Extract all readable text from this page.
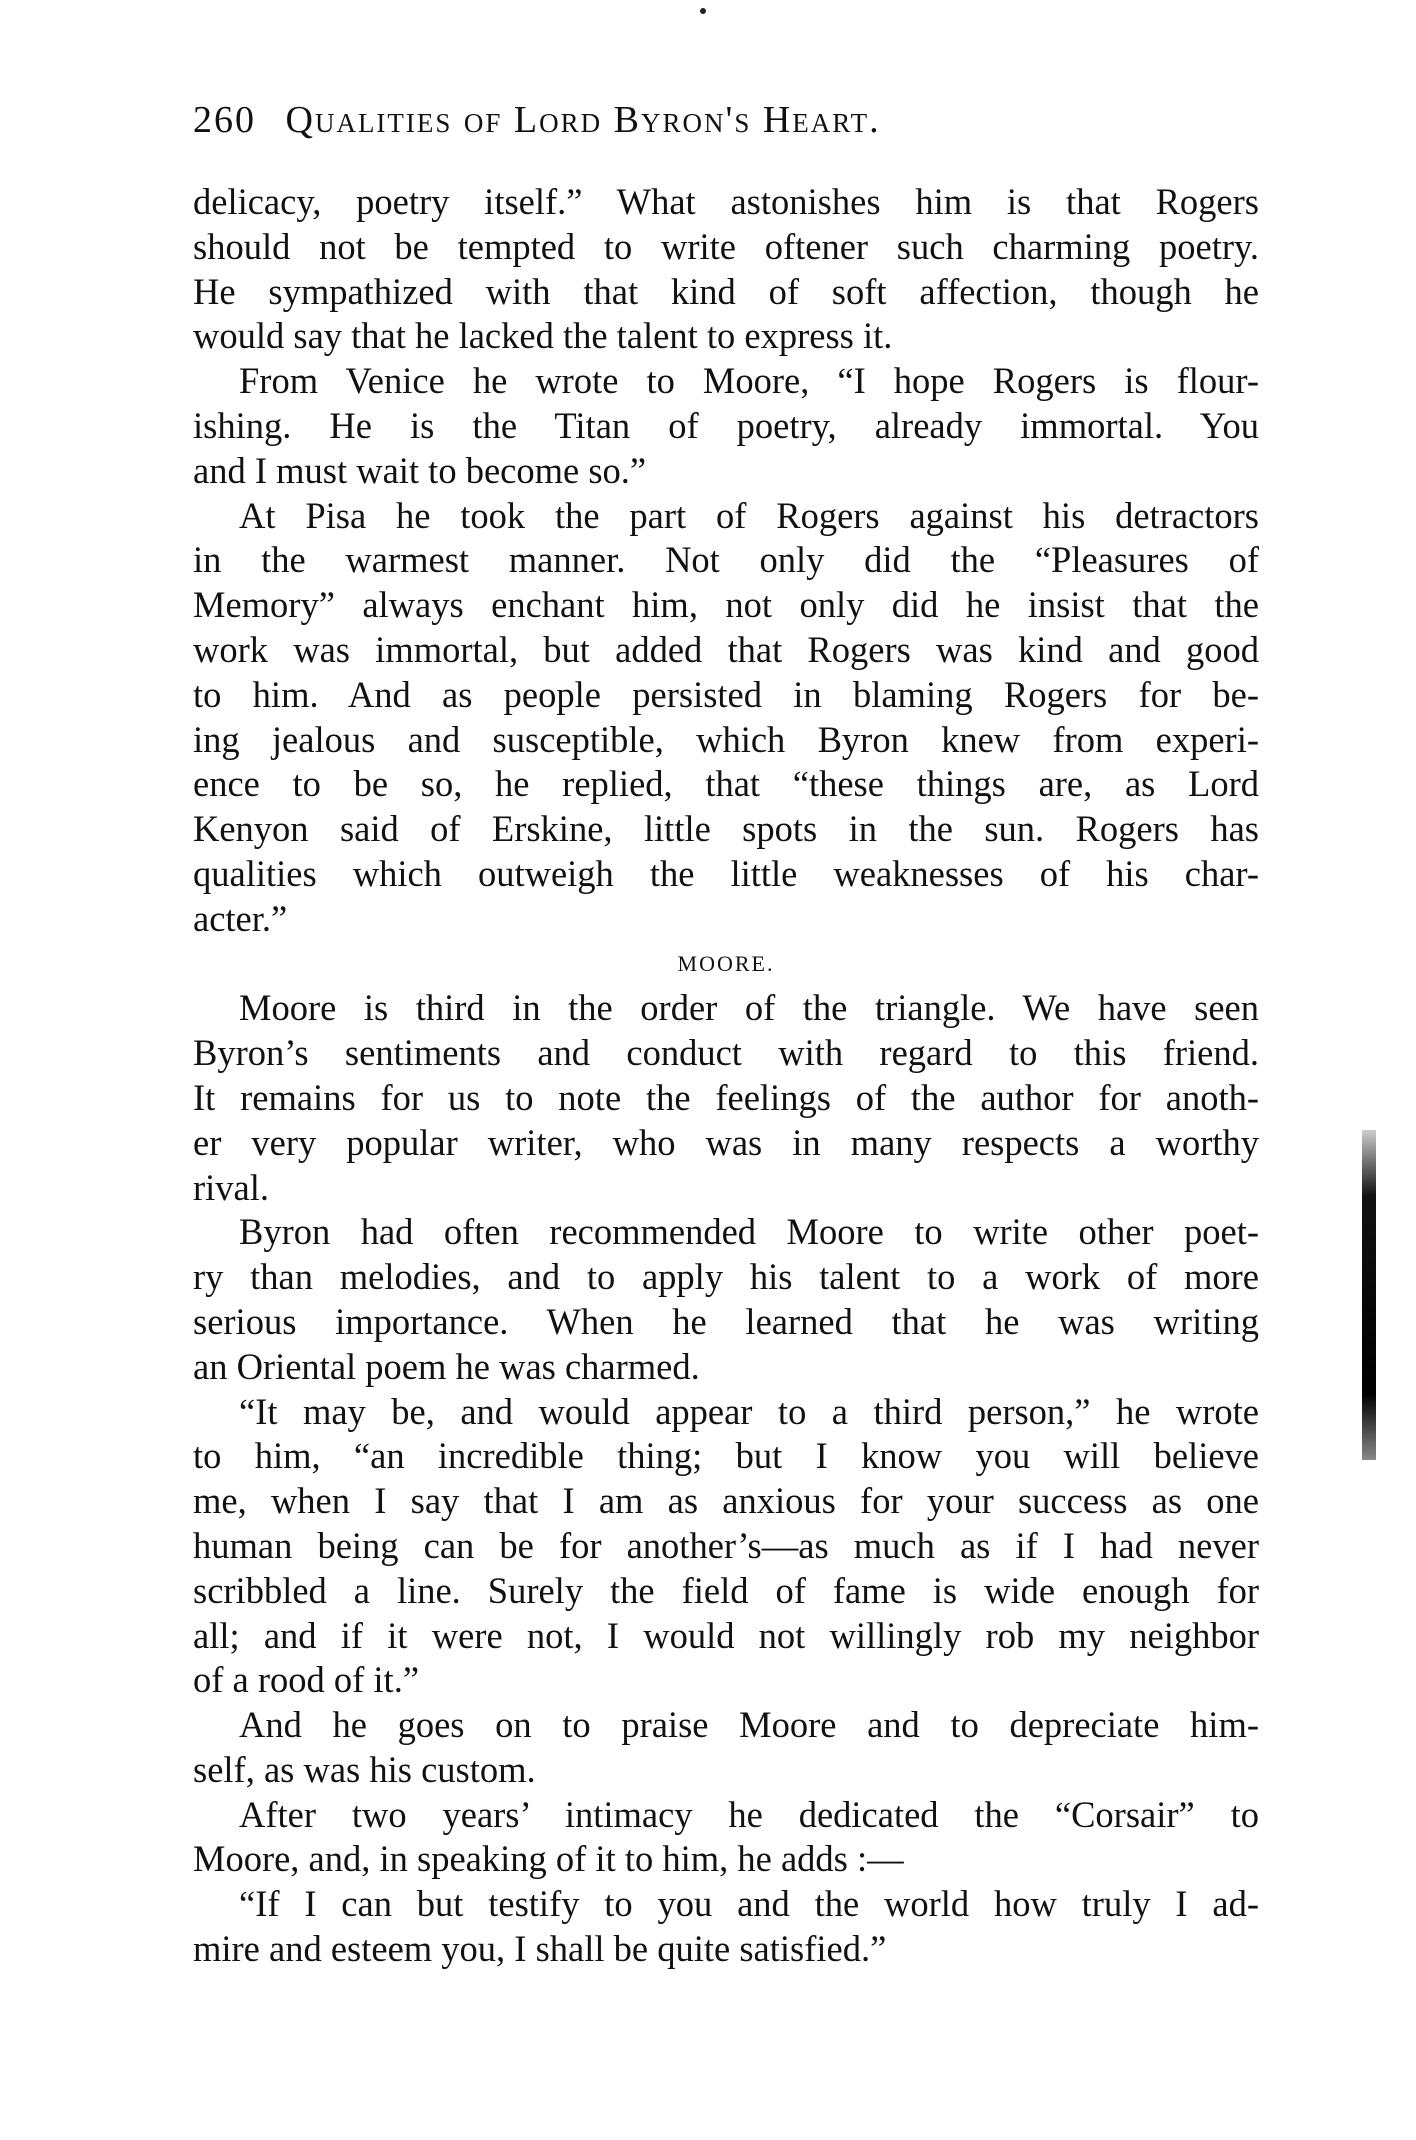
260 Qualities of Lord Byron's Heart.
delicacy, poetry itself.” What astonishes him is that Rogers
should not be tempted to write oftener such charming poetry.
He sympathized with that kind of soft affection, though he
would say that he lacked the talent to express it.
From Venice he wrote to Moore, “I hope Rogers is flour-
ishing. He is the Titan of poetry, already immortal. You
and I must wait to become so.”
At Pisa he took the part of Rogers against his detractors
in the warmest manner. Not only did the “Pleasures of
Memory” always enchant him, not only did he insist that the
work was immortal, but added that Rogers was kind and good
to him. And as people persisted in blaming Rogers for be-
ing jealous and susceptible, which Byron knew from experi-
ence to be so, he replied, that “these things are, as Lord
Kenyon said of Erskine, little spots in the sun. Rogers has
qualities which outweigh the little weaknesses of his char-
acter.”
MOORE.
Moore is third in the order of the triangle. We have seen
Byron’s sentiments and conduct with regard to this friend.
It remains for us to note the feelings of the author for anoth-
er very popular writer, who was in many respects a worthy
rival.
Byron had often recommended Moore to write other poet-
ry than melodies, and to apply his talent to a work of more
serious importance. When he learned that he was writing
an Oriental poem he was charmed.
“It may be, and would appear to a third person,” he wrote
to him, “an incredible thing; but I know you will believe
me, when I say that I am as anxious for your success as one
human being can be for another’s—as much as if I had never
scribbled a line. Surely the field of fame is wide enough for
all; and if it were not, I would not willingly rob my neighbor
of a rood of it.”
And he goes on to praise Moore and to depreciate him-
self, as was his custom.
After two years’ intimacy he dedicated the “Corsair” to
Moore, and, in speaking of it to him, he adds :—
“If I can but testify to you and the world how truly I ad-
mire and esteem you, I shall be quite satisfied.”
